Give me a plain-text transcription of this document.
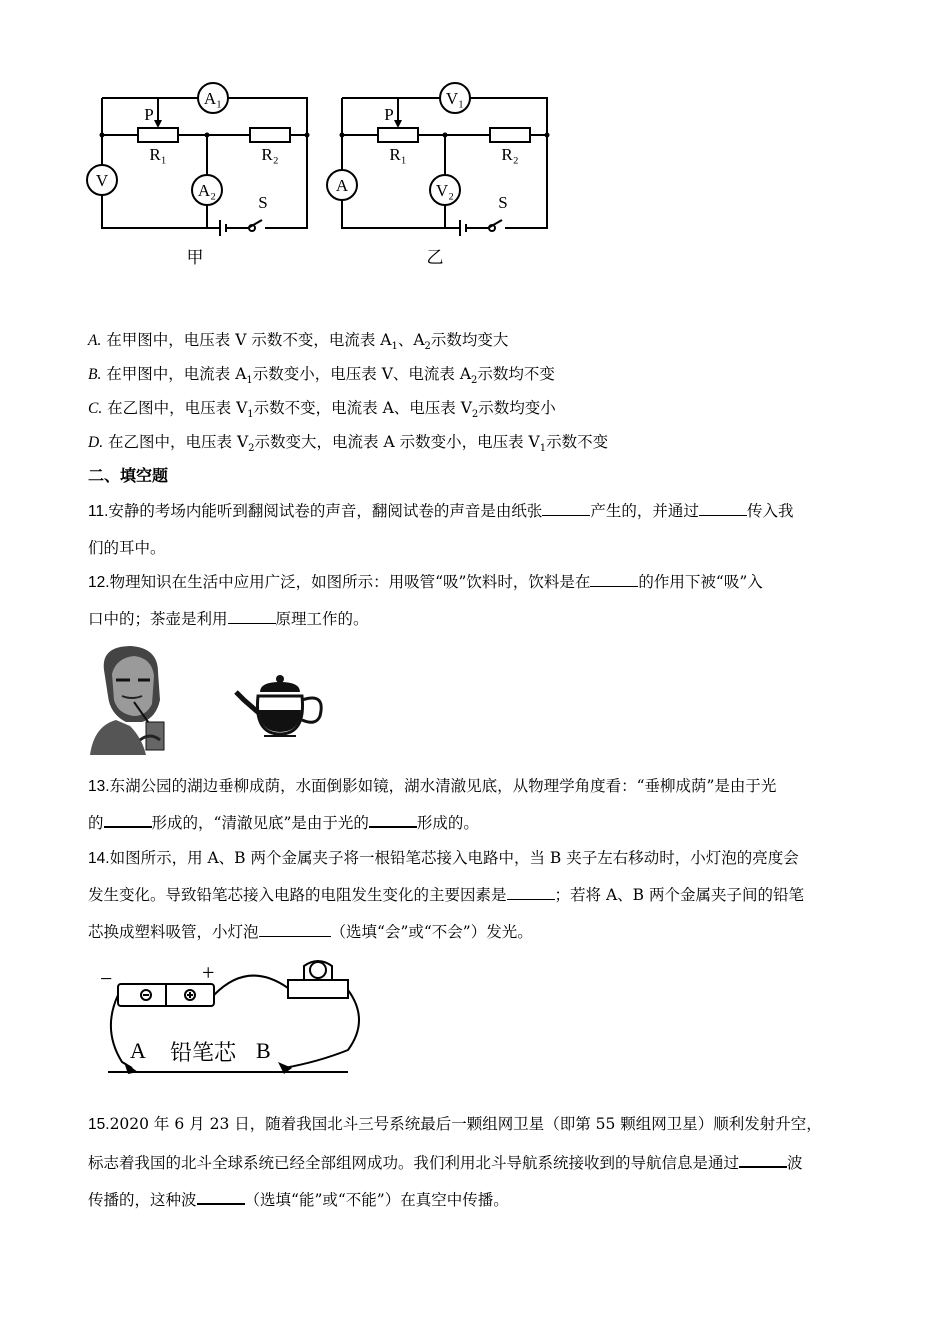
A₁
V
A₂
P
R₁	R₂
S
甲
V₁
A	V₂
P
R₁	R₂
S
乙
A. 在甲图中，电压表 V 示数不变，电流表 $A_1$、$A_2$示数均变大
B. 在甲图中，电流表 $A_1$示数变小，电压表 V、电流表 $A_2$示数均不变
C. 在乙图中，电压表 $V_1$示数不变，电流表 A、电压表 $V_2$示数均变小
D. 在乙图中，电压表 $V_2$示数变大，电流表 A 示数变小，电压表 $V_1$示数不变
二、填空题
11.安静的考场内能听到翻阅试卷的声音，翻阅试卷的声音是由纸张	产生的，并通过	传入我
们的耳中。
12.物理知识在生活中应用广泛，如图所示：用吸管“吸”饮料时，饮料是在	的作用下被“吸”入
口中的；茶壶是利用	原理工作的。
13.东湖公园的湖边垂柳成荫，水面倒影如镜，湖水清澈见底，从物理学角度看：“垂柳成荫”是由于光
的	形成的，“清澈见底”是由于光的	形成的。
14.如图所示，用 A、B 两个金属夹子将一根铅笔芯接入电路中，当 B 夹子左右移动时，小灯泡的亮度会
发生变化。导致铅笔芯接入电路的电阻发生变化的主要因素是	；若将 A、B 两个金属夹子间的铅笔
芯换成塑料吸管，小灯泡	（选填“会”或“不会”）发光。
−	+
A 铅笔芯 B
15.2020 年 6 月 23 日，随着我国北斗三号系统最后一颗组网卫星（即第 55 颗组网卫星）顺利发射升空，
标志着我国的北斗全球系统已经全部组网成功。我们利用北斗导航系统接收到的导航信息是通过	波
传播的，这种波	（选填“能”或“不能”）在真空中传播。
